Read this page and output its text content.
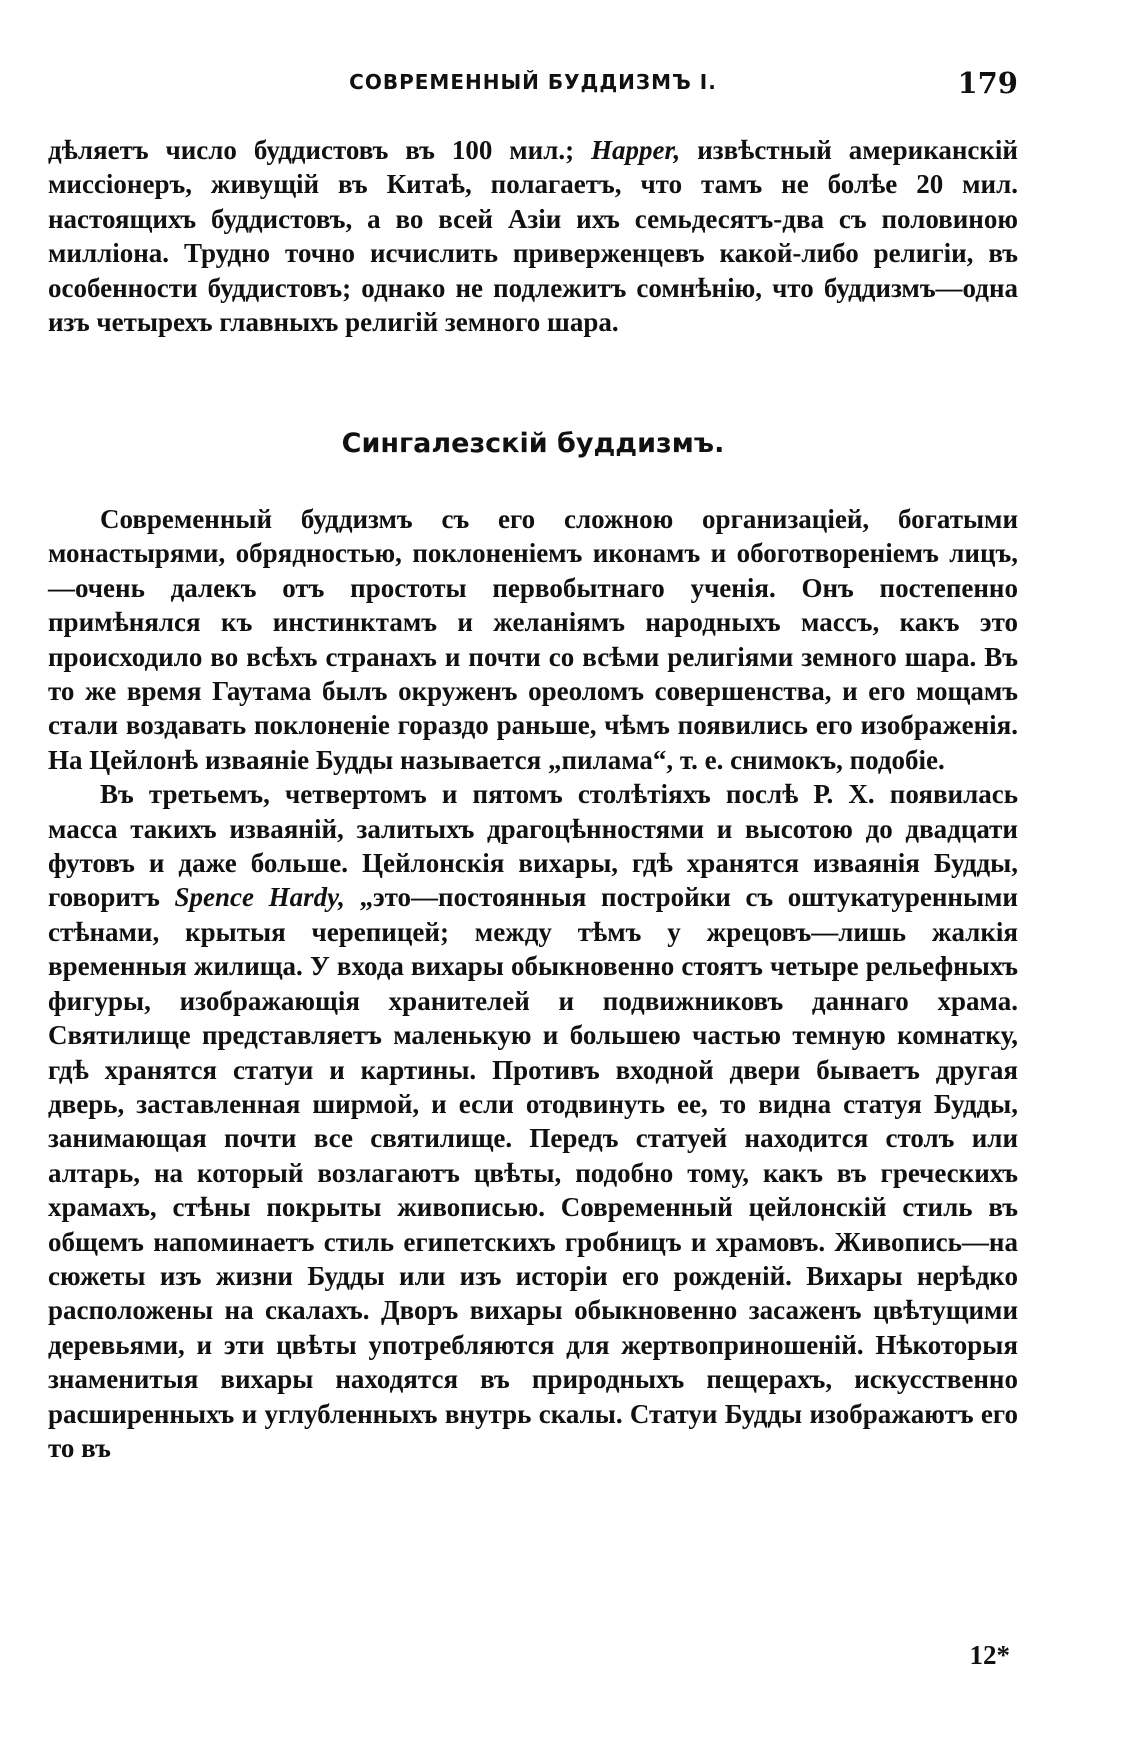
СОВРЕМЕННЫЙ БУДДИЗМЪ I.	179

дѣляетъ число буддистовъ въ 100 мил.; Happer, извѣстный американскій миссіонеръ, живущій въ Китаѣ, полагаетъ, что тамъ не болѣе 20 мил. настоящихъ буддистовъ, а во всей Азіи ихъ семьдесятъ-два съ половиною милліона. Трудно точно исчислить приверженцевъ какой-либо религіи, въ особенности буддистовъ; однако не подлежитъ сомнѣнію, что буддизмъ—одна изъ четырехъ главныхъ религій земного шара.

Сингалезскій буддизмъ.

Современный буддизмъ съ его сложною организацiей, богатыми монастырями, обрядностью, поклоненiемъ иконамъ и обоготворенiемъ лицъ,—очень далекъ отъ простоты первобытнаго ученiя. Онъ постепенно примѣнялся къ инстинктамъ и желанiямъ народныхъ массъ, какъ это происходило во всѣхъ странахъ и почти со всѣми религiями земного шара. Въ то же время Гаутама былъ окруженъ ореоломъ совершенства, и его мощамъ стали воздавать поклоненiе гораздо раньше, чѣмъ появились его изображенiя. На Цейлонѣ изваянiе Будды называется „пилама“, т. е. снимокъ, подобiе.

Въ третьемъ, четвертомъ и пятомъ столѣтiяхъ послѣ Р. Х. появилась масса такихъ изваянiй, залитыхъ драгоцѣнностями и высотою до двадцати футовъ и даже больше. Цейлонскiя вихары, гдѣ хранятся изваянiя Будды, говоритъ Spence Hardy, „это—постоянныя постройки съ оштукатуренными стѣнами, крытыя черепицей; между тѣмъ у жрецовъ—лишь жалкiя временныя жилища. У входа вихары обыкновенно стоятъ четыре рельефныхъ фигуры, изображающiя хранителей и подвижниковъ даннаго храма. Святилище представляетъ маленькую и большею частью темную комнатку, гдѣ хранятся статуи и картины. Противъ входной двери бываетъ другая дверь, заставленная ширмой, и если отодвинуть ее, то видна статуя Будды, занимающая почти все святилище. Передъ статуей находится столъ или алтарь, на который возлагаютъ цвѣты, подобно тому, какъ въ греческихъ храмахъ, стѣны покрыты живописью. Современный цейлонскiй стиль въ общемъ напоминаетъ стиль египетскихъ гробницъ и храмовъ. Живопись—на сюжеты изъ жизни Будды или изъ исторiи его рожденiй. Вихары нерѣдко расположены на скалахъ. Дворъ вихары обыкновенно засаженъ цвѣтущими деревьями, и эти цвѣты употребляются для жертвоприношенiй. Нѣкоторыя знаменитыя вихары находятся въ природныхъ пещерахъ, искусственно расширенныхъ и углубленныхъ внутрь скалы. Статуи Будды изображаютъ его то въ

12*
